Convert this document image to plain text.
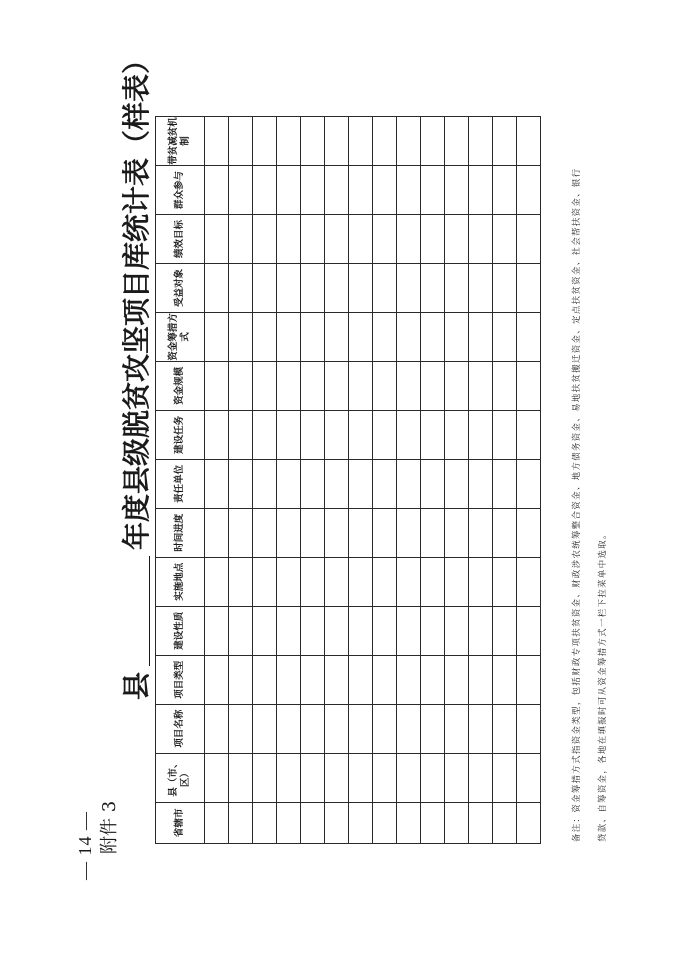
— 14 — 附件 3
县年度县级脱贫攻坚项目库统计表（样表）
省辖市	县（市、区）	项目名称	项目类型	建设性质	实施地点	时间进度	责任单位	建设任务	资金规模	资金筹措方式	受益对象	绩效目标	群众参与	带贫减贫机制

备注：资金筹措方式指资金类型，包括财政专项扶贫资金、财政涉农统筹整合资金、地方债务资金、易地扶贫搬迁资金、定点扶贫资金、社会帮扶资金、银行	贷款、自筹资金，各地在填报时可从资金筹措方式一栏下拉菜单中选取。
